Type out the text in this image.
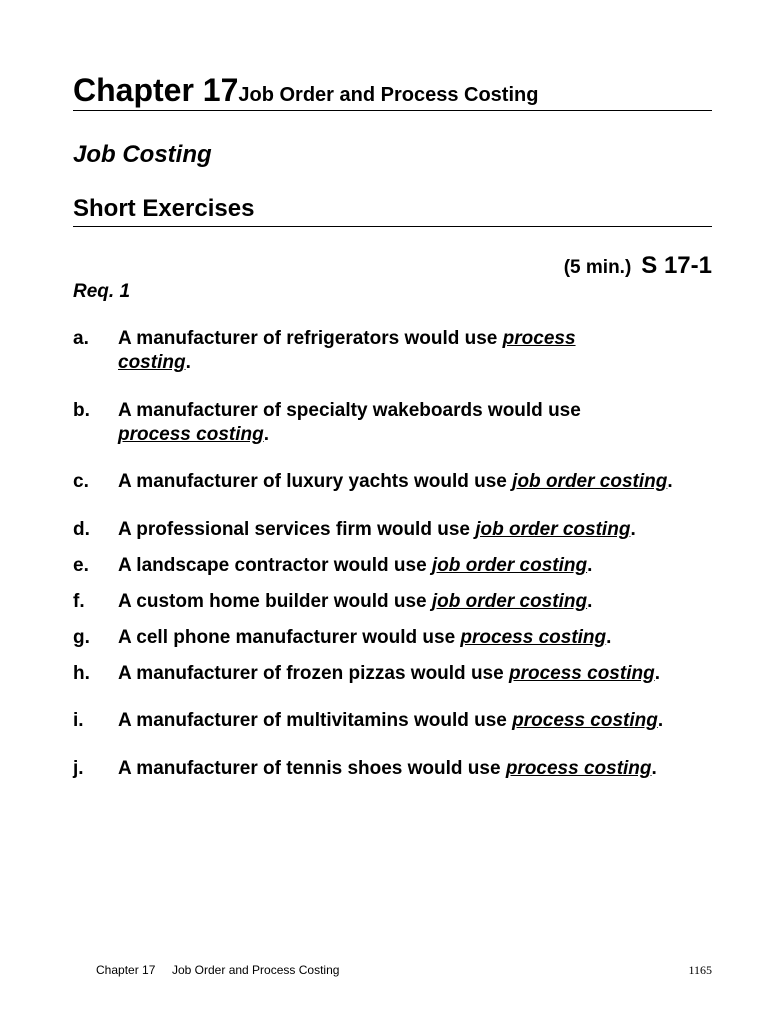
Chapter 17Job Order and Process Costing
Job Costing
Short Exercises
(5 min.) S 17-1
Req. 1
a. A manufacturer of refrigerators would use process costing.
b. A manufacturer of specialty wakeboards would use process costing.
c. A manufacturer of luxury yachts would use job order costing.
d. A professional services firm would use job order costing.
e. A landscape contractor would use job order costing.
f. A custom home builder would use job order costing.
g. A cell phone manufacturer would use process costing.
h. A manufacturer of frozen pizzas would use process costing.
i. A manufacturer of multivitamins would use process costing.
j. A manufacturer of tennis shoes would use process costing.
Chapter 17 Job Order and Process Costing	1165
